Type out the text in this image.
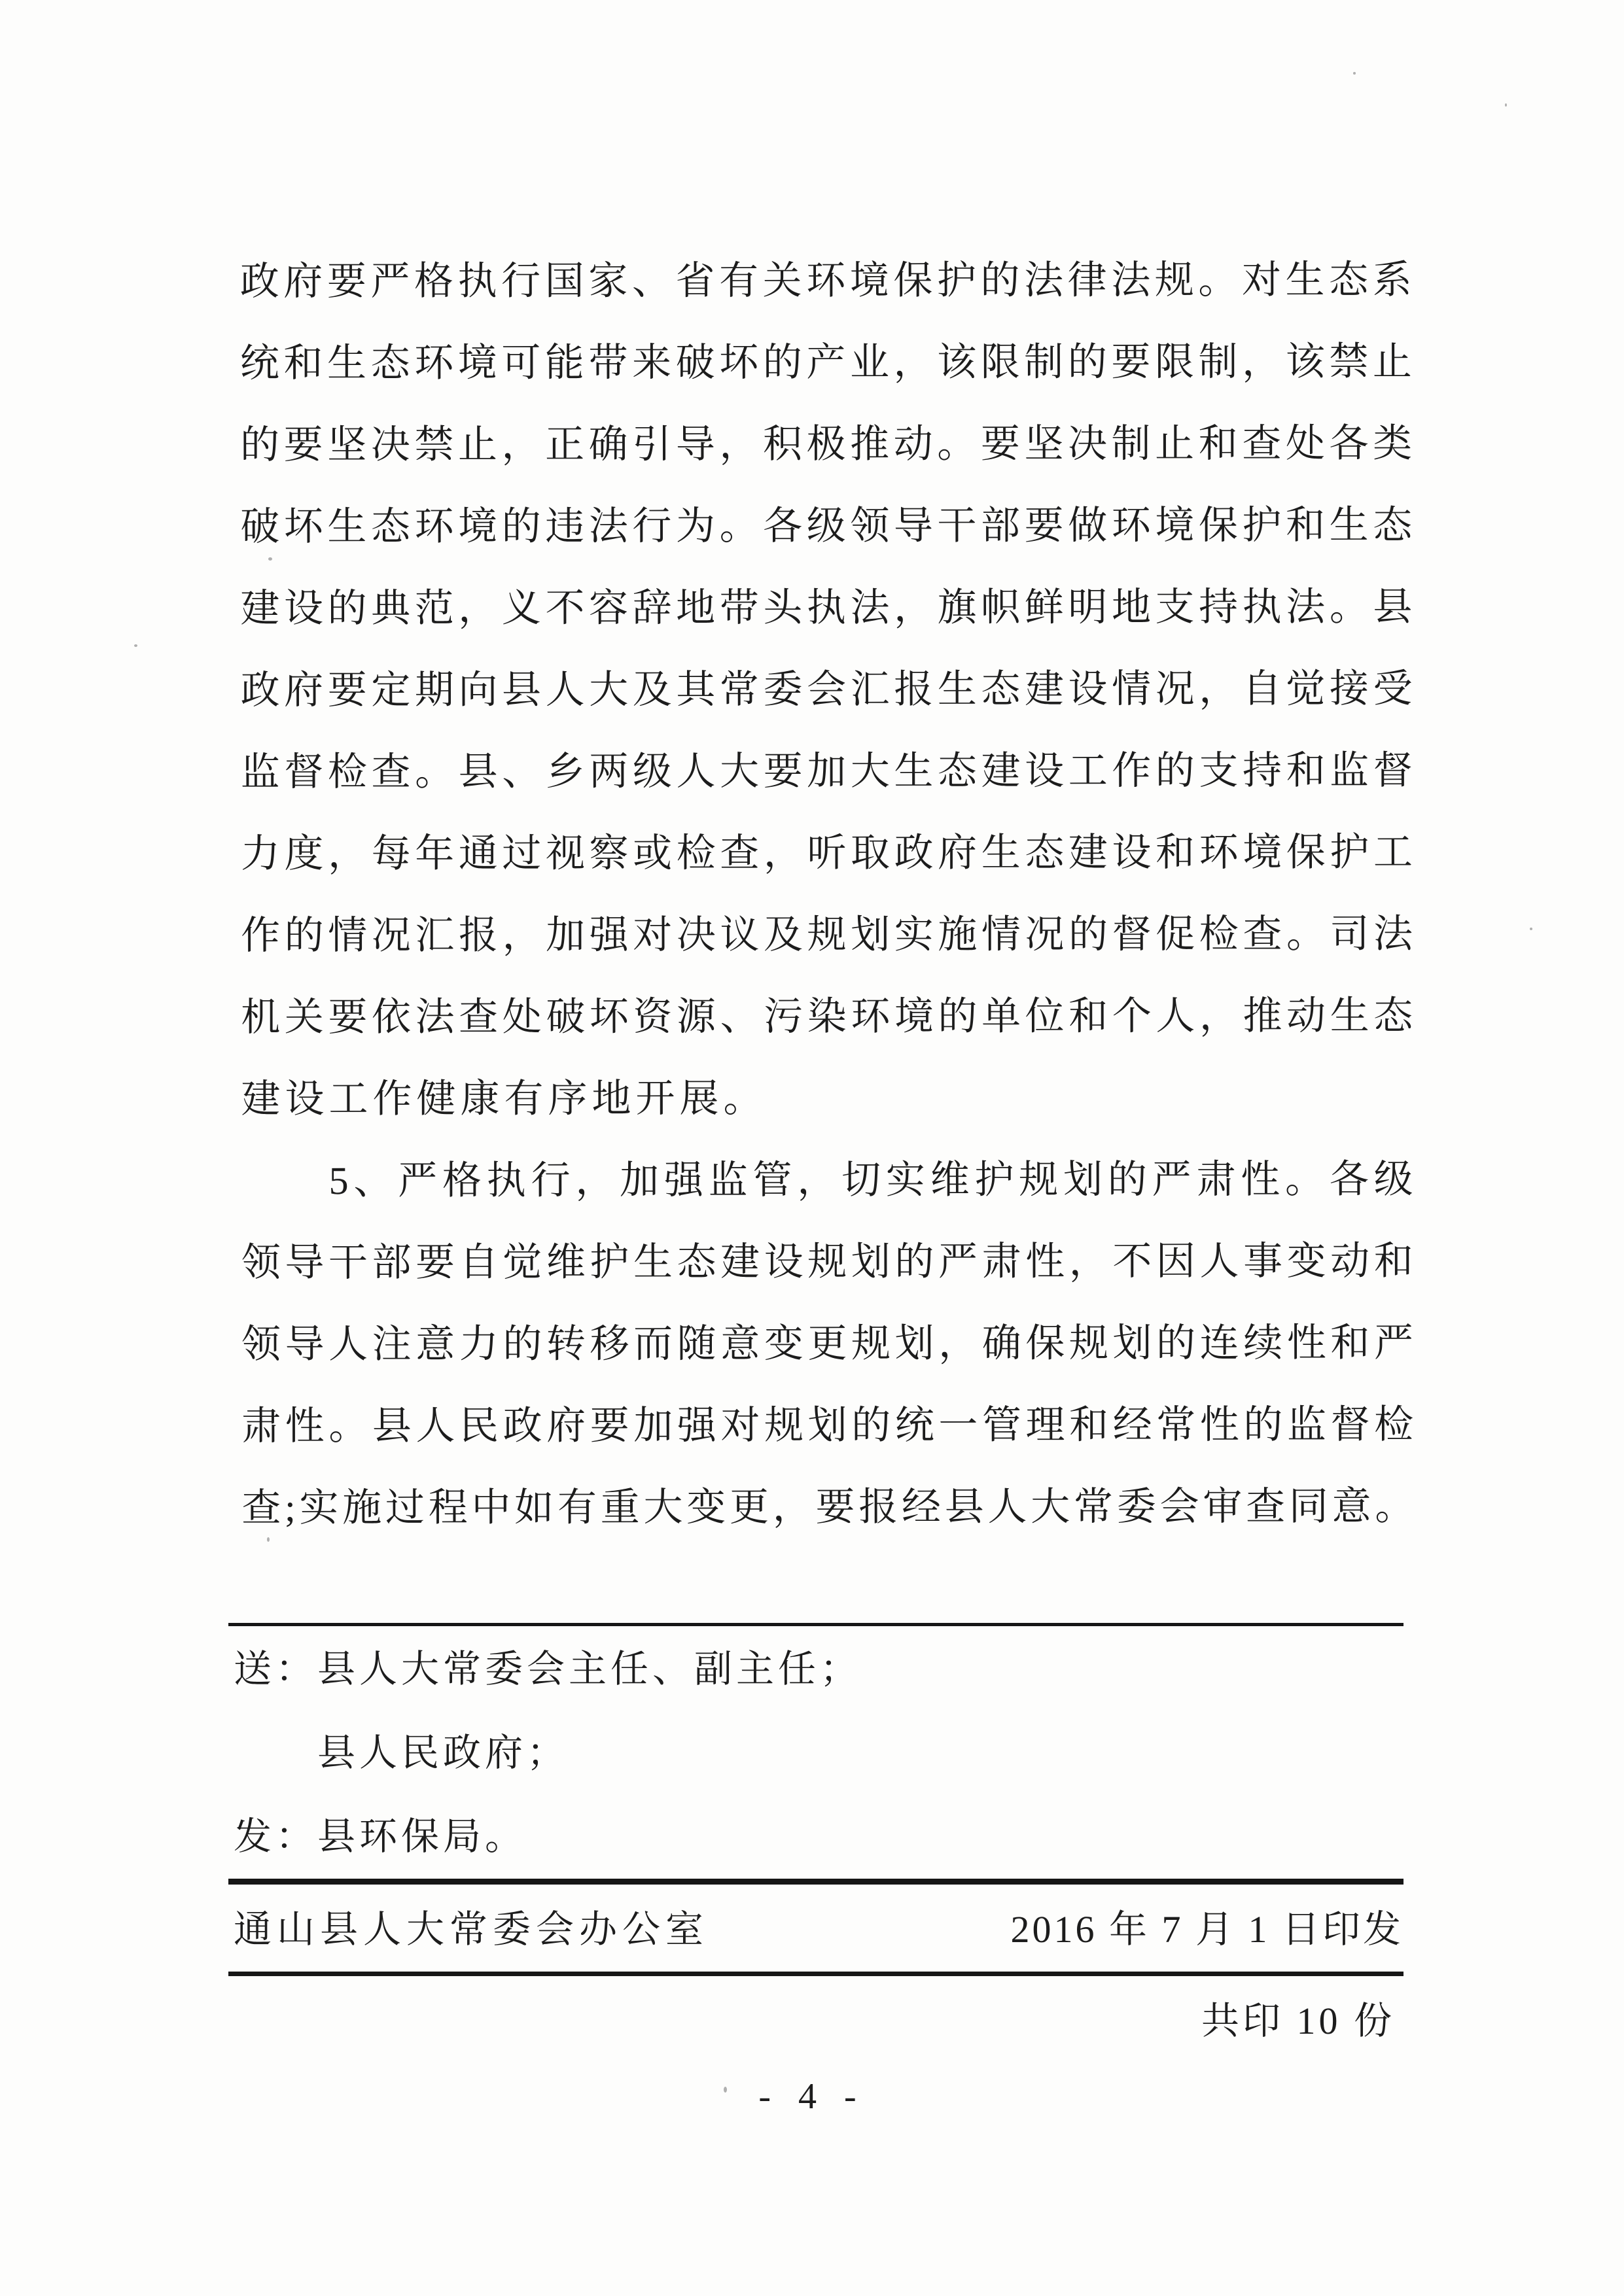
政府要严格执行国家、省有关环境保护的法律法规。对生态系
统和生态环境可能带来破坏的产业，该限制的要限制，该禁止
的要坚决禁止，正确引导，积极推动。要坚决制止和查处各类
破坏生态环境的违法行为。各级领导干部要做环境保护和生态
建设的典范，义不容辞地带头执法，旗帜鲜明地支持执法。县
政府要定期向县人大及其常委会汇报生态建设情况，自觉接受
监督检查。县、乡两级人大要加大生态建设工作的支持和监督
力度，每年通过视察或检查，听取政府生态建设和环境保护工
作的情况汇报，加强对决议及规划实施情况的督促检查。司法
机关要依法查处破坏资源、污染环境的单位和个人，推动生态
建设工作健康有序地开展。
5、严格执行，加强监管，切实维护规划的严肃性。各级
领导干部要自觉维护生态建设规划的严肃性，不因人事变动和
领导人注意力的转移而随意变更规划，确保规划的连续性和严
肃性。县人民政府要加强对规划的统一管理和经常性的监督检
查;实施过程中如有重大变更，要报经县人大常委会审查同意。
送：县人大常委会主任、副主任；
县人民政府；
发：县环保局。
通山县人大常委会办公室	2016 年 7 月 1 日印发
共印 10 份
- 4 -
